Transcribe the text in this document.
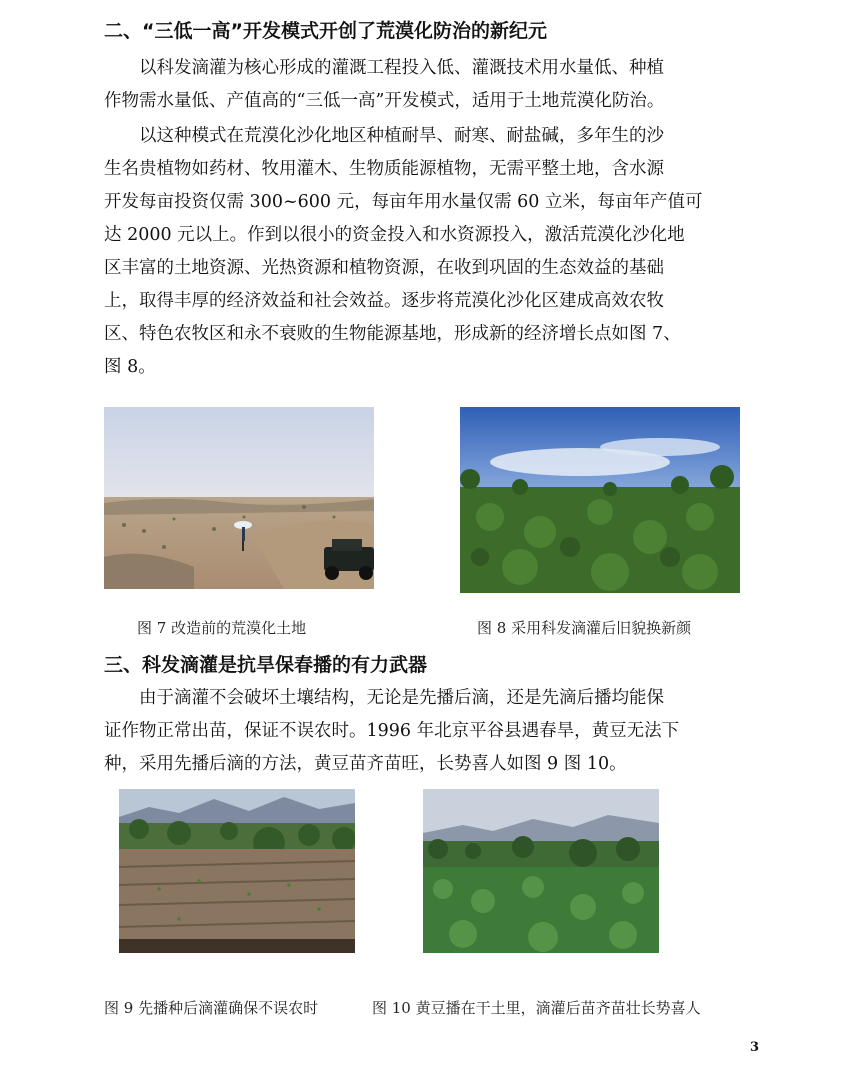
二、“三低一高”开发模式开创了荒漠化防治的新纪元
以科发滴灌为核心形成的灌溉工程投入低、灌溉技术用水量低、种植
作物需水量低、产值高的“三低一高”开发模式，适用于土地荒漠化防治。
以这种模式在荒漠化沙化地区种植耐旱、耐寒、耐盐碱，多年生的沙
生名贵植物如药材、牧用灌木、生物质能源植物，无需平整土地，含水源
开发每亩投资仅需 300~600 元，每亩年用水量仅需 60 立米，每亩年产值可
达 2000 元以上。作到以很小的资金投入和水资源投入，激活荒漠化沙化地
区丰富的土地资源、光热资源和植物资源，在收到巩固的生态效益的基础
上，取得丰厚的经济效益和社会效益。逐步将荒漠化沙化区建成高效农牧
区、特色农牧区和永不衰败的生物能源基地，形成新的经济增长点如图 7、
图 8。
图 7 改造前的荒漠化土地	图 8 采用科发滴灌后旧貌换新颜
三、科发滴灌是抗旱保春播的有力武器
由于滴灌不会破坏土壤结构，无论是先播后滴，还是先滴后播均能保
证作物正常出苗，保证不误农时。1996 年北京平谷县遇春旱，黄豆无法下
种，采用先播后滴的方法，黄豆苗齐苗旺，长势喜人如图 9 图 10。
图 9 先播种后滴灌确保不误农时	图 10 黄豆播在干土里，滴灌后苗齐苗壮长势喜人
3
